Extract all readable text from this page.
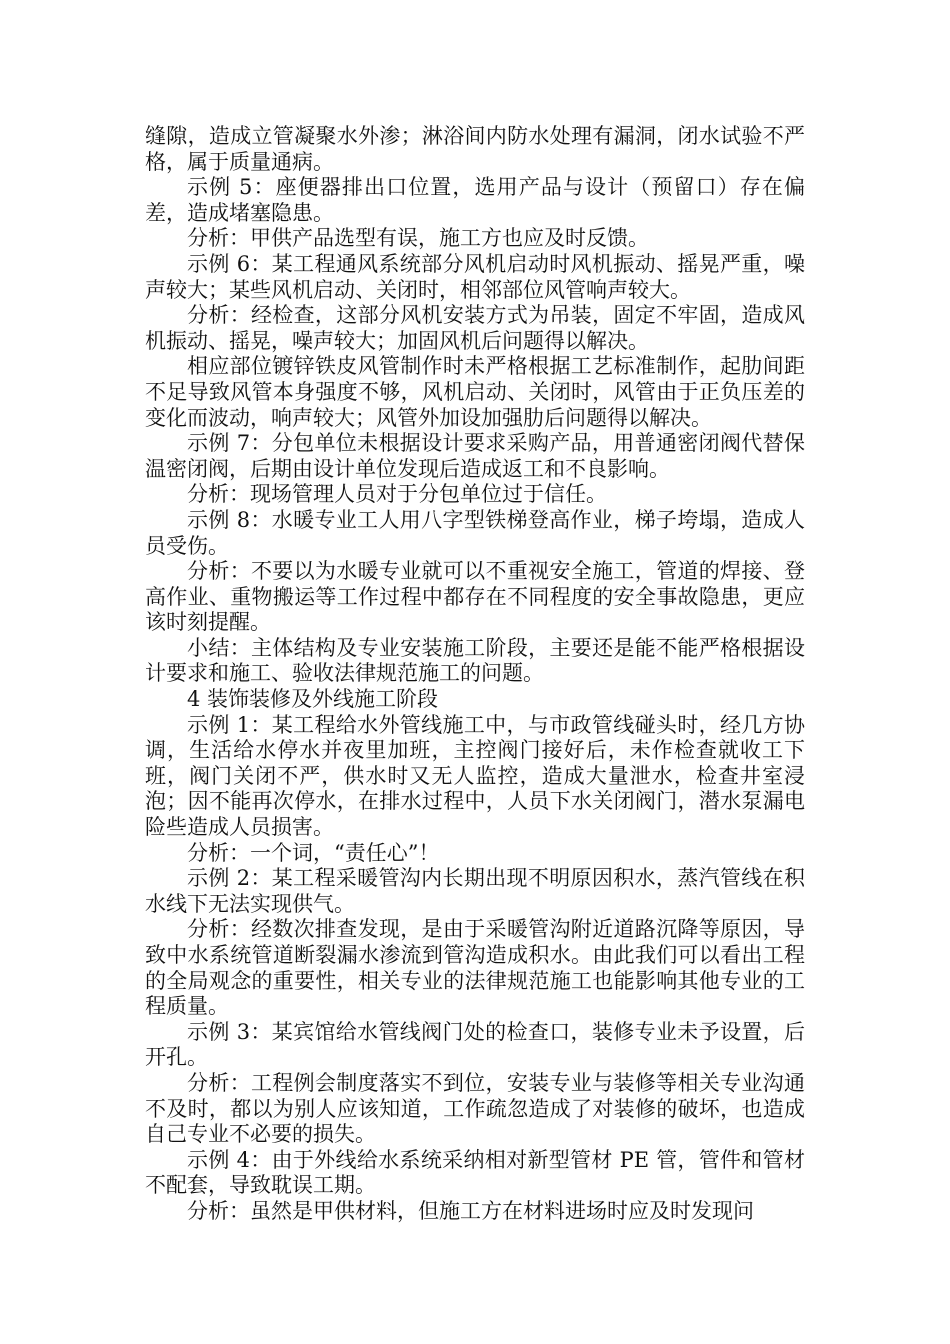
缝隙，造成立管凝聚水外渗；淋浴间内防水处理有漏洞，闭水试验不严格，属于质量通病。

示例 5：座便器排出口位置，选用产品与设计（预留口）存在偏差，造成堵塞隐患。

分析：甲供产品选型有误，施工方也应及时反馈。

示例 6：某工程通风系统部分风机启动时风机振动、摇晃严重，噪声较大；某些风机启动、关闭时，相邻部位风管响声较大。

分析：经检查，这部分风机安装方式为吊装，固定不牢固，造成风机振动、摇晃，噪声较大；加固风机后问题得以解决。

相应部位镀锌铁皮风管制作时未严格根据工艺标准制作，起肋间距不足导致风管本身强度不够，风机启动、关闭时，风管由于正负压差的变化而波动，响声较大；风管外加设加强肋后问题得以解决。

示例 7：分包单位未根据设计要求采购产品，用普通密闭阀代替保温密闭阀，后期由设计单位发现后造成返工和不良影响。

分析：现场管理人员对于分包单位过于信任。

示例 8：水暖专业工人用八字型铁梯登高作业，梯子垮塌，造成人员受伤。

分析：不要以为水暖专业就可以不重视安全施工，管道的焊接、登高作业、重物搬运等工作过程中都存在不同程度的安全事故隐患，更应该时刻提醒。

小结：主体结构及专业安装施工阶段，主要还是能不能严格根据设计要求和施工、验收法律规范施工的问题。

4 装饰装修及外线施工阶段

示例 1：某工程给水外管线施工中，与市政管线碰头时，经几方协调，生活给水停水并夜里加班，主控阀门接好后，未作检查就收工下班，阀门关闭不严，供水时又无人监控，造成大量泄水，检查井室浸泡；因不能再次停水，在排水过程中，人员下水关闭阀门，潜水泵漏电险些造成人员损害。

分析：一个词，“责任心”！

示例 2：某工程采暖管沟内长期出现不明原因积水，蒸汽管线在积水线下无法实现供气。

分析：经数次排查发现，是由于采暖管沟附近道路沉降等原因，导致中水系统管道断裂漏水渗流到管沟造成积水。由此我们可以看出工程的全局观念的重要性，相关专业的法律规范施工也能影响其他专业的工程质量。

示例 3：某宾馆给水管线阀门处的检查口，装修专业未予设置，后开孔。

分析：工程例会制度落实不到位，安装专业与装修等相关专业沟通不及时，都以为别人应该知道，工作疏忽造成了对装修的破坏，也造成自己专业不必要的损失。

示例 4：由于外线给水系统采纳相对新型管材 PE 管，管件和管材不配套，导致耽误工期。

分析：虽然是甲供材料，但施工方在材料进场时应及时发现问
